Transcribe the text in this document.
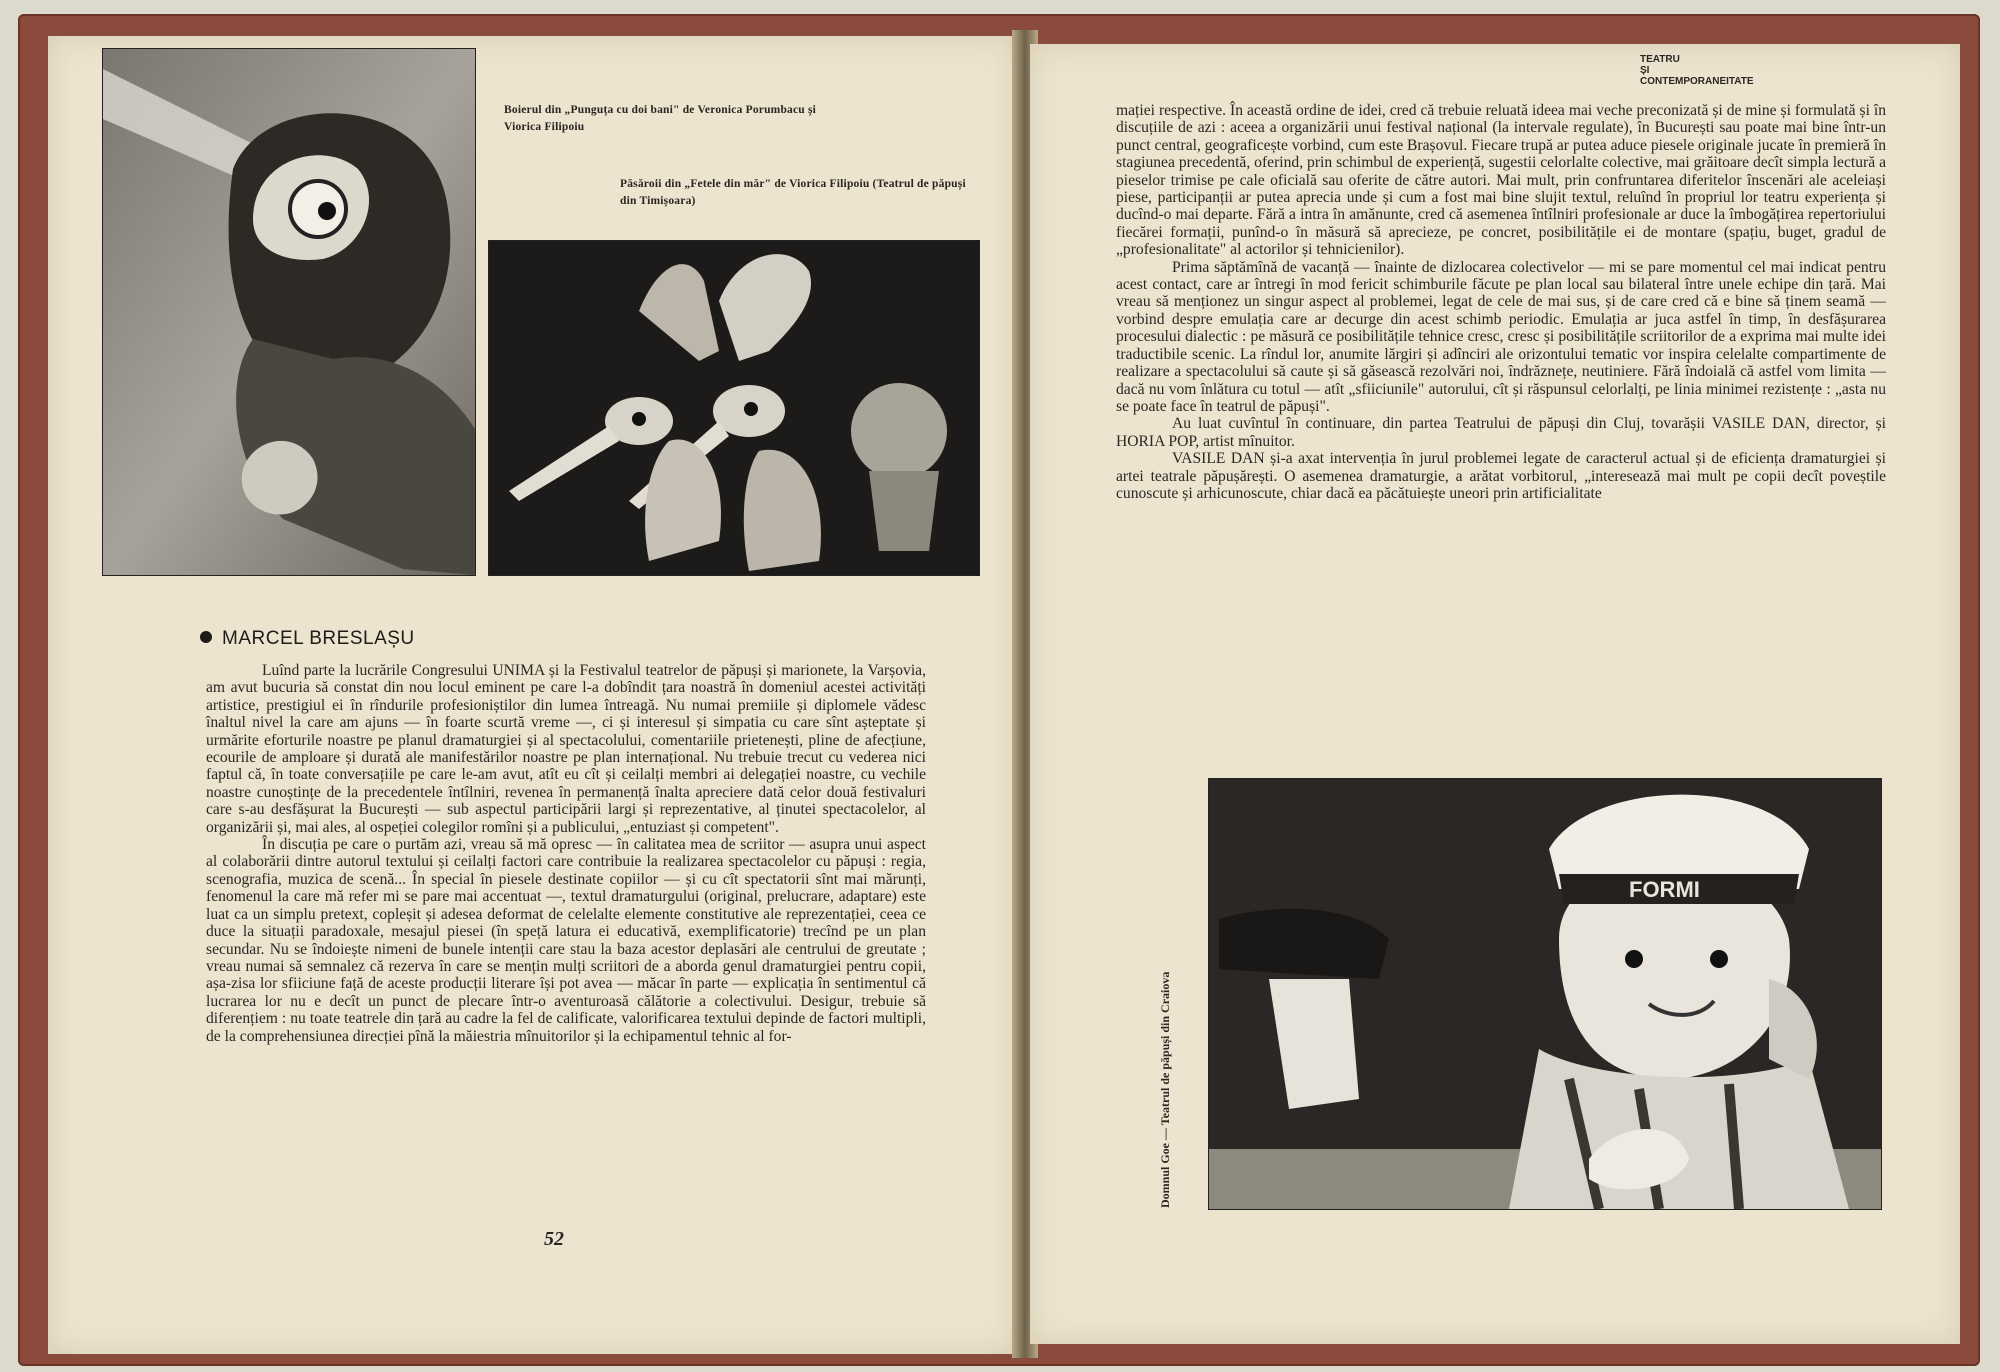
Boierul din „Punguța cu doi bani" de Veronica Porumbacu și Viorica Filipoiu
Păsăroii din „Fetele din măr" de Viorica Filipoiu (Teatrul de păpuși din Timișoara)
MARCEL BRESLAȘU

Luînd parte la lucrările Congresului UNIMA și la Festivalul teatrelor de păpuși și marionete, la Varșovia, am avut bucuria să constat din nou locul eminent pe care l-a dobîndit țara noastră în domeniul acestei activități artistice, prestigiul ei în rîndurile profesioniștilor din lumea întreagă. Nu numai premiile și diplomele vădesc înaltul nivel la care am ajuns — în foarte scurtă vreme —, ci și interesul și simpatia cu care sînt așteptate și urmărite eforturile noastre pe planul dramaturgiei și al spectacolului, comentariile prietenești, pline de afecțiune, ecourile de amploare și durată ale manifestărilor noastre pe plan internațional. Nu trebuie trecut cu vederea nici faptul că, în toate conversațiile pe care le-am avut, atît eu cît și ceilalți membri ai delegației noastre, cu vechile noastre cunoștințe de la precedentele întîlniri, revenea în permanență înalta apreciere dată celor două festivaluri care s-au desfășurat la București — sub aspectul participării largi și reprezentative, al ținutei spectacolelor, al organizării și, mai ales, al ospeției colegilor romîni și a publicului, „entuziast și competent".

În discuția pe care o purtăm azi, vreau să mă opresc — în calitatea mea de scriitor — asupra unui aspect al colaborării dintre autorul textului și ceilalți factori care contribuie la realizarea spectacolelor cu păpuși : regia, scenografia, muzica de scenă... În special în piesele destinate copiilor — și cu cît spectatorii sînt mai mărunți, fenomenul la care mă refer mi se pare mai accentuat —, textul dramaturgului (original, prelucrare, adaptare) este luat ca un simplu pretext, copleșit și adesea deformat de celelalte elemente constitutive ale reprezentației, ceea ce duce la situații paradoxale, mesajul piesei (în speță latura ei educativă, exemplificatorie) trecînd pe un plan secundar. Nu se îndoiește nimeni de bunele intenții care stau la baza acestor deplasări ale centrului de greutate ; vreau numai să semnalez că rezerva în care se mențin mulți scriitori de a aborda genul dramaturgiei pentru copii, așa-zisa lor sfiiciune față de aceste producții literare își pot avea — măcar în parte — explicația în sentimentul că lucrarea lor nu e decît un punct de plecare într-o aventuroasă călătorie a colectivului. Desigur, trebuie să diferențiem : nu toate teatrele din țară au cadre la fel de calificate, valorificarea textului depinde de factori multipli, de la comprehensiunea direcției pînă la măiestria mînuitorilor și la echipamentul tehnic al for-

52
TEATRU
ȘI
CONTEMPORANEITATE

mației respective. În această ordine de idei, cred că trebuie reluată ideea mai veche preconizată și de mine și formulată și în discuțiile de azi : aceea a organizării unui festival național (la intervale regulate), în București sau poate mai bine într-un punct central, geograficește vorbind, cum este Brașovul. Fiecare trupă ar putea aduce piesele originale jucate în premieră în stagiunea precedentă, oferind, prin schimbul de experiență, sugestii celorlalte colective, mai grăitoare decît simpla lectură a pieselor trimise pe cale oficială sau oferite de către autori. Mai mult, prin confruntarea diferitelor înscenări ale aceleiași piese, participanții ar putea aprecia unde și cum a fost mai bine slujit textul, reluînd în propriul lor teatru experiența și ducînd-o mai departe. Fără a intra în amănunte, cred că asemenea întîlniri profesionale ar duce la îmbogățirea repertoriului fiecărei formații, punînd-o în măsură să aprecieze, pe concret, posibilitățile ei de montare (spațiu, buget, gradul de „profesionalitate" al actorilor și tehnicienilor).

Prima săptămînă de vacanță — înainte de dizlocarea colectivelor — mi se pare momentul cel mai indicat pentru acest contact, care ar întregi în mod fericit schimburile făcute pe plan local sau bilateral între unele echipe din țară. Mai vreau să menționez un singur aspect al problemei, legat de cele de mai sus, și de care cred că e bine să ținem seamă — vorbind despre emulația care ar decurge din acest schimb periodic. Emulația ar juca astfel în timp, în desfășurarea procesului dialectic : pe măsură ce posibilitățile tehnice cresc, cresc și posibilitățile scriitorilor de a exprima mai multe idei traductibile scenic. La rîndul lor, anumite lărgiri și adînciri ale orizontului tematic vor inspira celelalte compartimente de realizare a spectacolului să caute și să găsească rezolvări noi, îndrăznețe, neutiniere. Fără îndoială că astfel vom limita — dacă nu vom înlătura cu totul — atît „sfiiciunile" autorului, cît și răspunsul celorlalți, pe linia minimei rezistențe : „asta nu se poate face în teatrul de păpuși".

Au luat cuvîntul în continuare, din partea Teatrului de păpuși din Cluj, tovarășii VASILE DAN, director, și HORIA POP, artist mînuitor.

VASILE DAN și-a axat intervenția în jurul problemei legate de caracterul actual și de eficiența dramaturgiei și artei teatrale păpușărești. O asemenea dramaturgie, a arătat vorbitorul, „interesează mai mult pe copii decît poveștile cunoscute și arhicunoscute, chiar dacă ea păcătuiește uneori prin artificialitate

Domnul Goe — Teatrul de păpuși din Craiova
FORMI
